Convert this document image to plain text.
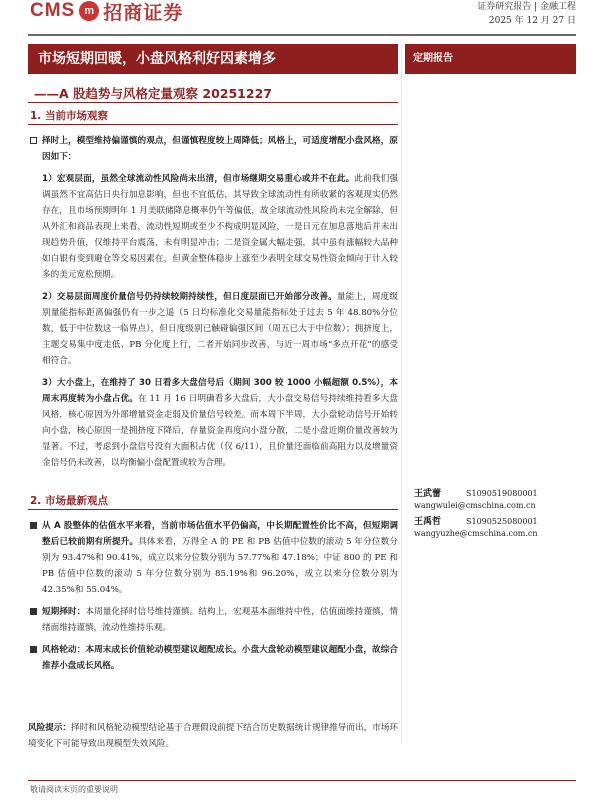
CMS m 招商证券	证券研究报告 | 金融工程
2025 年 12 月 27 日
市场短期回暖，小盘风格利好因素增多	定期报告
——A 股趋势与风格定量观察 20251227
1. 当前市场观察
择时上，模型维持偏谨慎的观点，但谨慎程度较上周降低；风格上，可适度增配小盘风格，原因如下：
1）宏观层面，虽然全球流动性风险尚未出清，但市场继期交易重心或并不在此。此前我们强调虽然不宜高估日央行加息影响，但也不宜低估，其导致全球流动性有所收紧的客观现实仍然存在，且市场预期明年 1 月美联储降息概率仍午等偏低，故全球流动性风险尚未完全解除，但从外汇和商品表现上来看，流动性短期或至少不构成明显风险，一是日元在加息落地后并未出现趋势升值，仅维持平台震荡，未有明显冲击；二是资金属大幅走强，其中虽有涨幅较大品种如白银有变到避仓等交易因素在，但黄金整体稳步上涨至少表明全球交易性资金倾向于计入较多的美元宽松预期。
2）交易层面周度价量信号仍持续较期持续性，但日度层面已开始部分改善。量能上，周度级别量能指标距离偏强仍有一步之遥（5 日均标准化交易量能指标处于过去 5 年 48.80%分位数，低于中位数这一临界点），但日度级别已触碰偏强区间（周五已大于中位数）；拥挤度上，主题交易集中度走低、PB 分化度上行，二者开始同步改善，与近一周市场“多点开花”的感受相符合。
3）大小盘上，在维持了 30 日看多大盘信号后（期间 300 较 1000 小幅超额 0.5%），本周末再度转为小盘占优。在 11 月 16 日明确看多大盘后，大小盘交易信号持续维持看多大盘风格，核心原因为外部增量资金走弱及价量信号较差。而本周下半周，大小盘轮动信号开始转向小盘，核心原因一是拥挤度下降后，存量资金再度向小盘分散，二是小盘近期价量改善较为显著。不过，考虑到小盘信号没有大面积占优（仅 6/11），且价量还面临前高阻力以及增量资金信号仍未改善，以均衡偏小盘配置或较为合理。
2. 市场最新观点
从 A 股整体的估值水平来看，当前市场估值水平仍偏高，中长期配置性价比不高，但短期调整后已较前期有所提升。具体来看，万得全 A 的 PE 和 PB 估值中位数的滚动 5 年分位数分别为 93.47%和 90.41%，成立以来分位数分别为 57.77%和 47.18%；中证 800 的 PE 和 PB 估值中位数的滚动 5 年分位数分别为 85.19%和 96.20%，成立以来分位数分别为 42.35%和 55.04%。
短期择时：本周量化择时信号维持谨慎。结构上，宏观基本面维持中性，估值面维持谨慎，情绪面维持谨慎，流动性维持乐观。
风格轮动：本周末成长价值轮动模型建议超配成长。小盘大盘轮动模型建议超配小盘，故综合推荐小盘成长风格。
风险提示：择时和风格轮动模型结论基于合理假设前提下结合历史数据统计规律推导而出，市场环境变化下可能导致出现模型失效风险。
王武蕾	S1090519080001
wangwulei@cmschina.com.cn
王禹哲	S1090525080001
wangyuzhe@cmschina.com.cn
敬请阅读末页的重要说明
